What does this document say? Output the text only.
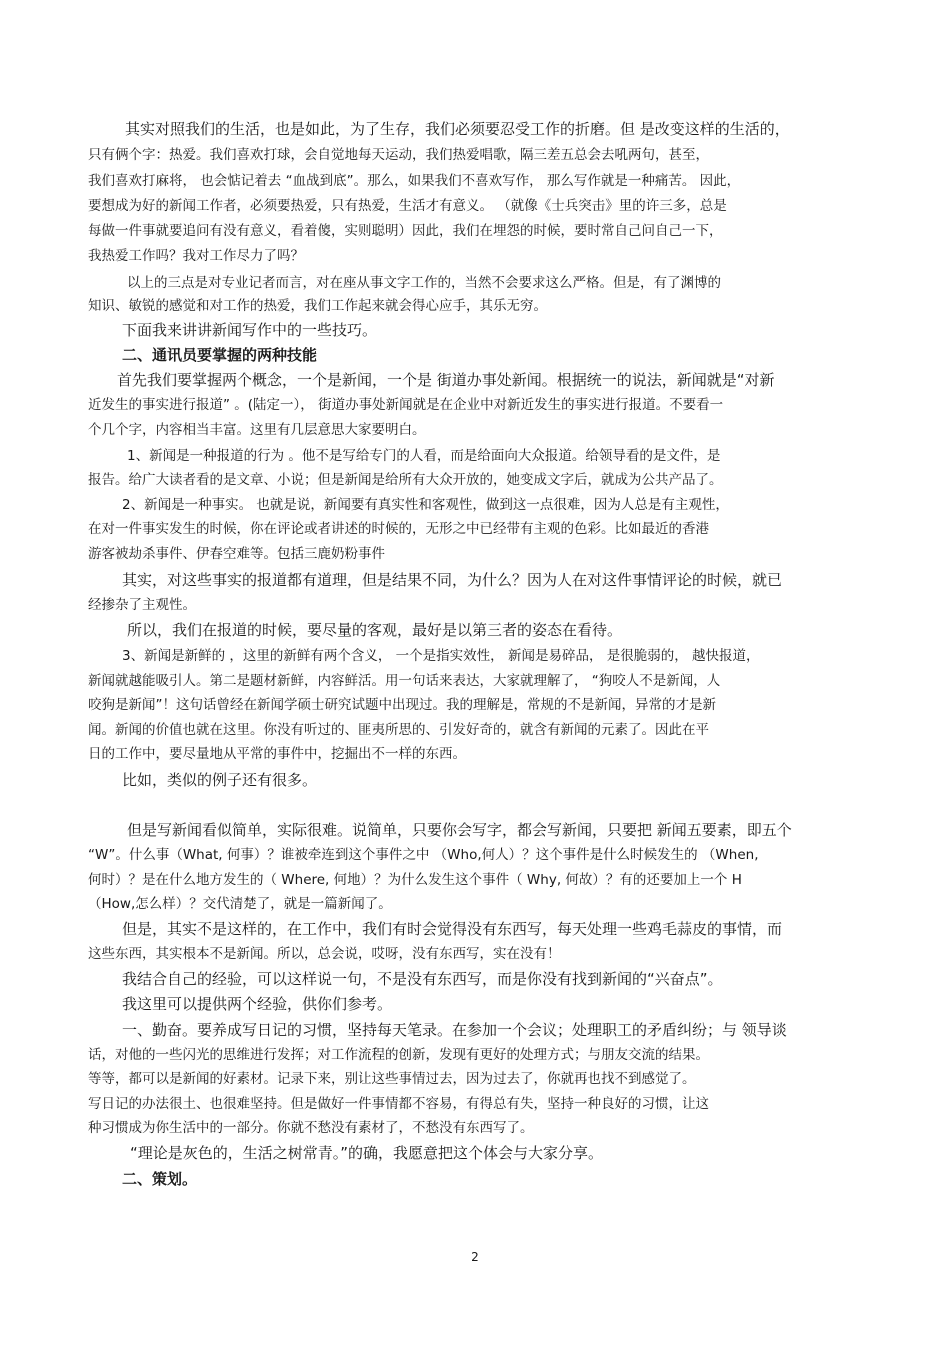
其实对照我们的生活，也是如此，为了生存，我们必须要忍受工作的折磨。但 是改变这样的生活的，
只有俩个字：热爱。我们喜欢打球，会自觉地每天运动，我们热爱唱歌，隔三差五总会去吼两句，甚至，
我们喜欢打麻将， 也会惦记着去 “血战到底”。那么，如果我们不喜欢写作， 那么写作就是一种痛苦。 因此，
要想成为好的新闻工作者，必须要热爱，只有热爱，生活才有意义。 （就像《士兵突击》里的许三多，总是
每做一件事就要追问有没有意义，看着傻，实则聪明）因此，我们在埋怨的时候，要时常自己问自己一下，
我热爱工作吗？我对工作尽力了吗？
以上的三点是对专业记者而言，对在座从事文字工作的，当然不会要求这么严格。但是，有了渊博的
知识、敏锐的感觉和对工作的热爱，我们工作起来就会得心应手，其乐无穷。
下面我来讲讲新闻写作中的一些技巧。
二、通讯员要掌握的两种技能
首先我们要掌握两个概念，一个是新闻，一个是 街道办事处新闻。根据统一的说法，新闻就是“对新
近发生的事实进行报道” 。(陆定一）， 街道办事处新闻就是在企业中对新近发生的事实进行报道。不要看一
个几个字，内容相当丰富。这里有几层意思大家要明白。
1、新闻是一种报道的行为 。他不是写给专门的人看，而是给面向大众报道。给领导看的是文件，是
报告。给广大读者看的是文章、小说；但是新闻是给所有大众开放的，她变成文字后，就成为公共产品了。
2、新闻是一种事实。 也就是说，新闻要有真实性和客观性，做到这一点很难，因为人总是有主观性，
在对一件事实发生的时候，你在评论或者讲述的时候的，无形之中已经带有主观的色彩。比如最近的香港
游客被劫杀事件、伊春空难等。包括三鹿奶粉事件
其实，对这些事实的报道都有道理，但是结果不同，为什么？因为人在对这件事情评论的时候，就已
经掺杂了主观性。
所以，我们在报道的时候，要尽量的客观，最好是以第三者的姿态在看待。
3、新闻是新鲜的 ，这里的新鲜有两个含义， 一个是指实效性， 新闻是易碎品， 是很脆弱的， 越快报道，
新闻就越能吸引人。第二是题材新鲜，内容鲜活。用一句话来表达，大家就理解了， “狗咬人不是新闻，人
咬狗是新闻”！这句话曾经在新闻学硕士研究试题中出现过。我的理解是，常规的不是新闻，异常的才是新
闻。新闻的价值也就在这里。你没有听过的、匪夷所思的、引发好奇的，就含有新闻的元素了。因此在平
日的工作中，要尽量地从平常的事件中，挖掘出不一样的东西。
比如，类似的例子还有很多。
但是写新闻看似简单，实际很难。说简单，只要你会写字，都会写新闻，只要把 新闻五要素，即五个
“W”。什么事（What, 何事）？谁被牵连到这个事件之中 （Who,何人）？这个事件是什么时候发生的 （When,
何时）？是在什么地方发生的（ Where, 何地）？为什么发生这个事件（ Why, 何故）？有的还要加上一个 H
（How,怎么样）？交代清楚了，就是一篇新闻了。
但是，其实不是这样的，在工作中，我们有时会觉得没有东西写，每天处理一些鸡毛蒜皮的事情，而
这些东西，其实根本不是新闻。所以，总会说，哎呀，没有东西写，实在没有！
我结合自己的经验，可以这样说一句，不是没有东西写，而是你没有找到新闻的“兴奋点”。
我这里可以提供两个经验，供你们参考。
一、勤奋。要养成写日记的习惯，坚持每天笔录。在参加一个会议；处理职工的矛盾纠纷；与 领导谈
话，对他的一些闪光的思维进行发挥；对工作流程的创新，发现有更好的处理方式；与朋友交流的结果。
等等，都可以是新闻的好素材。记录下来，别让这些事情过去，因为过去了，你就再也找不到感觉了。
写日记的办法很土、也很难坚持。但是做好一件事情都不容易，有得总有失，坚持一种良好的习惯，让这
种习惯成为你生活中的一部分。你就不愁没有素材了，不愁没有东西写了。
“理论是灰色的，生活之树常青。”的确，我愿意把这个体会与大家分享。
二、策划。
2
